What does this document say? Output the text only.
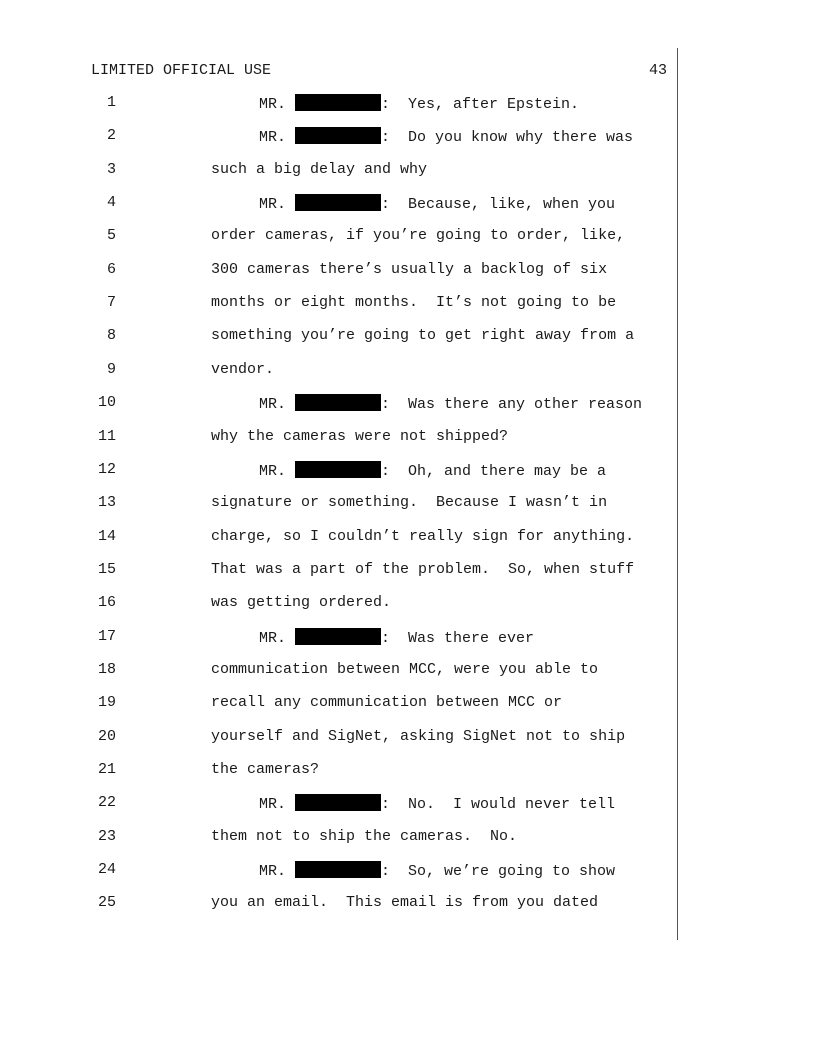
LIMITED OFFICIAL USE	43
1	MR.	:  Yes, after Epstein.
2	MR.	:  Do you know why there was
3	such a big delay and why
4	MR.	:  Because, like, when you
5	order cameras, if you’re going to order, like,
6	300 cameras there’s usually a backlog of six
7	months or eight months.  It’s not going to be
8	something you’re going to get right away from a
9	vendor.
10	MR.	:  Was there any other reason
11	why the cameras were not shipped?
12	MR.	:  Oh, and there may be a
13	signature or something.  Because I wasn’t in
14	charge, so I couldn’t really sign for anything.
15	That was a part of the problem.  So, when stuff
16	was getting ordered.
17	MR.	:  Was there ever
18	communication between MCC, were you able to
19	recall any communication between MCC or
20	yourself and SigNet, asking SigNet not to ship
21	the cameras?
22	MR.	:  No.  I would never tell
23	them not to ship the cameras.  No.
24	MR.	:  So, we’re going to show
25	you an email.  This email is from you dated
